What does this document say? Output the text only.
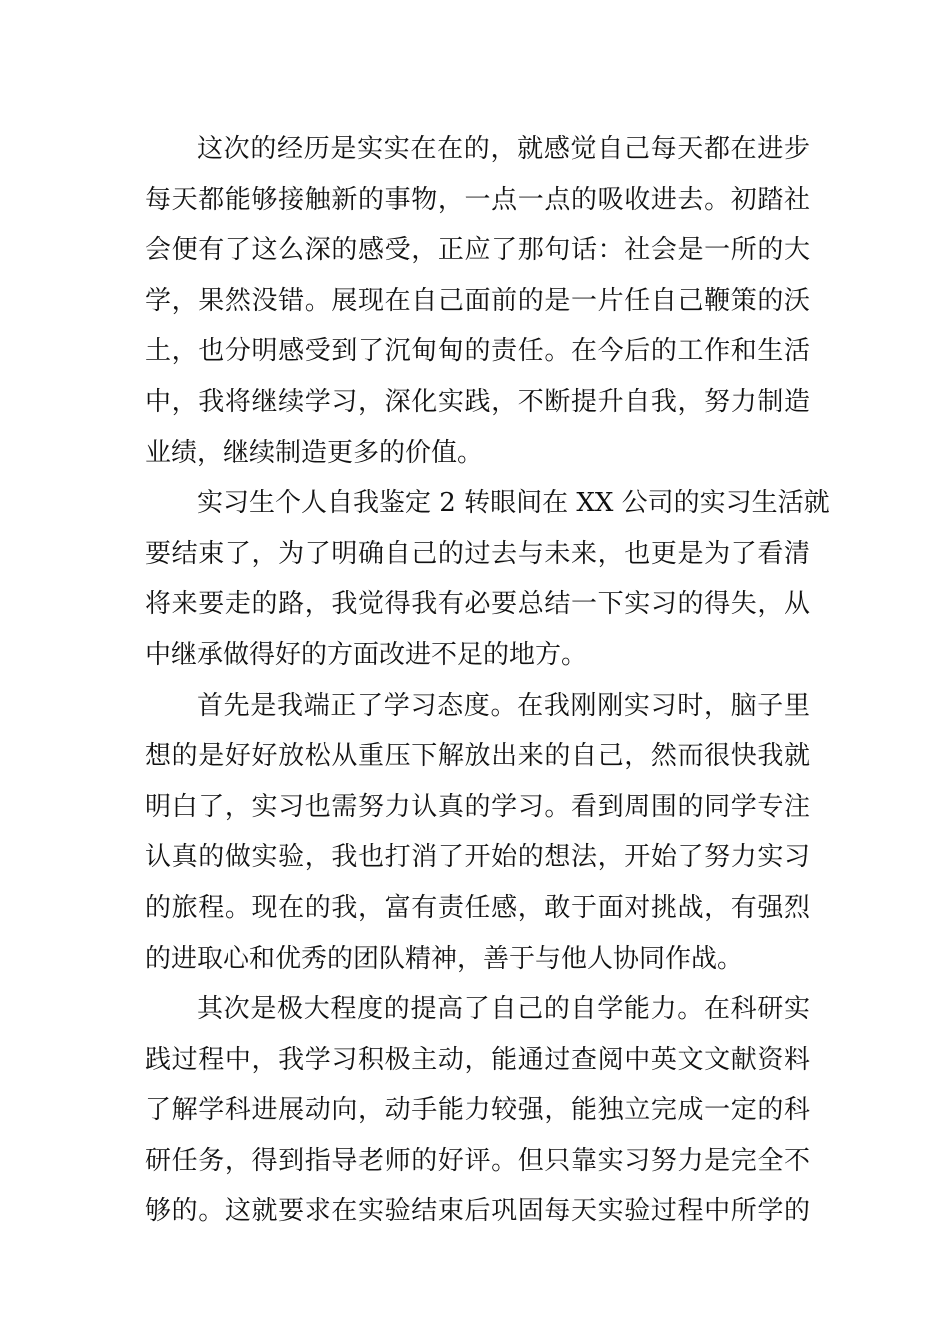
这次的经历是实实在在的，就感觉自己每天都在进步
每天都能够接触新的事物，一点一点的吸收进去。初踏社
会便有了这么深的感受，正应了那句话：社会是一所的大
学，果然没错。展现在自己面前的是一片任自己鞭策的沃
土，也分明感受到了沉甸甸的责任。在今后的工作和生活
中，我将继续学习，深化实践，不断提升自我，努力制造
业绩，继续制造更多的价值。

实习生个人自我鉴定 2 转眼间在 XX 公司的实习生活就
要结束了，为了明确自己的过去与未来，也更是为了看清
将来要走的路，我觉得我有必要总结一下实习的得失，从
中继承做得好的方面改进不足的地方。

首先是我端正了学习态度。在我刚刚实习时，脑子里
想的是好好放松从重压下解放出来的自己，然而很快我就
明白了，实习也需努力认真的学习。看到周围的同学专注
认真的做实验，我也打消了开始的想法，开始了努力实习
的旅程。现在的我，富有责任感，敢于面对挑战，有强烈
的进取心和优秀的团队精神，善于与他人协同作战。

其次是极大程度的提高了自己的自学能力。在科研实
践过程中，我学习积极主动，能通过查阅中英文文献资料
了解学科进展动向，动手能力较强，能独立完成一定的科
研任务，得到指导老师的好评。但只靠实习努力是完全不
够的。这就要求在实验结束后巩固每天实验过程中所学的
